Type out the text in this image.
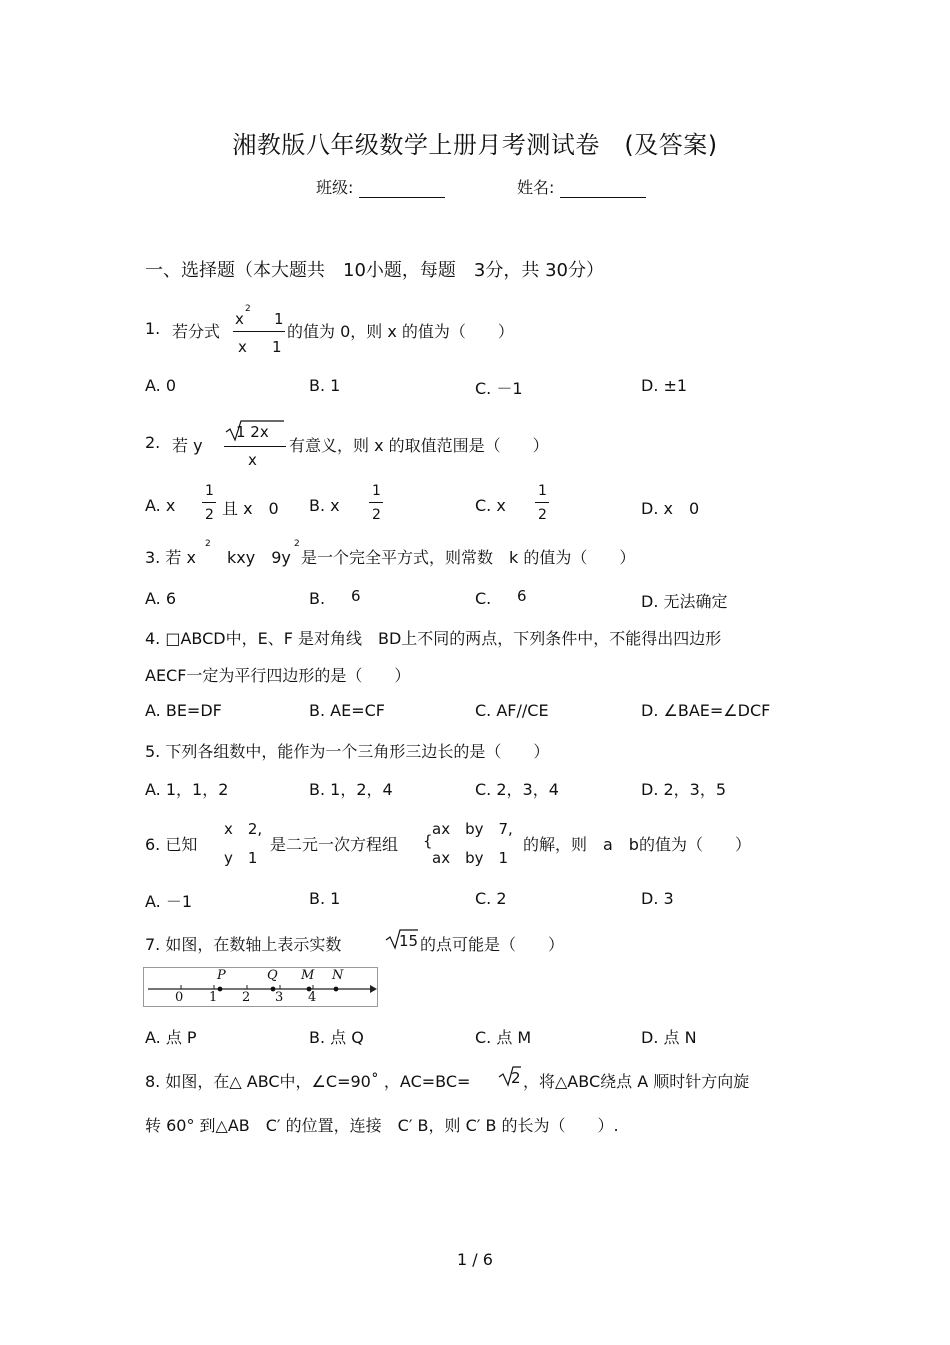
湘教版八年级数学上册月考测试卷　(及答案)
班级:	姓名:
一、选择题（本大题共　10小题，每题　3分，共 30分）
1. 若分式
x
2
1
x 1
的值为 0，则 x 的值为（　　）
A. 0	B. 1	C. －1	D. ±1
2. 若 y
1 2x
x
有意义，则 x 的取值范围是（　　）
A. x
1
2 且 x　0 B. x
1
2	C. x
1
2	D. x　0
3. 若 x
2
　kxy　9y
2
是一个完全平方式，则常数　k 的值为（　　）
A. 6	B. 6	C. 6	D. 无法确定
4. □ABCD中，E、F 是对角线　BD上不同的两点，下列条件中，不能得出四边形
AECF一定为平行四边形的是（　　）
A. BE=DF	B. AE=CF	C. AF//CE	D. ∠BAE=∠DCF
5. 下列各组数中，能作为一个三角形三边长的是（　　）
A. 1，1，2	B. 1，2，4	C. 2，3，4	D. 2，3，5
6. 已知
x　2,
y　1
是二元一次方程组 {
ax　by　7,
ax　by　1
的解，则　a　b的值为（　　）
A. －1	B. 1	C. 2	D. 3
7. 如图，在数轴上表示实数	15 的点可能是（　　）
0 1 2 3 4
P	Q M N
A. 点 P	B. 点 Q	C. 点 M	D. 点 N
8. 如图，在△ ABC中，∠C=90˚ ，AC=BC=	2 ，将△ABC绕点 A 顺时针方向旋
转 60° 到△AB　C′ 的位置，连接　C′ B，则 C′ B 的长为（　　）.
1 / 6
